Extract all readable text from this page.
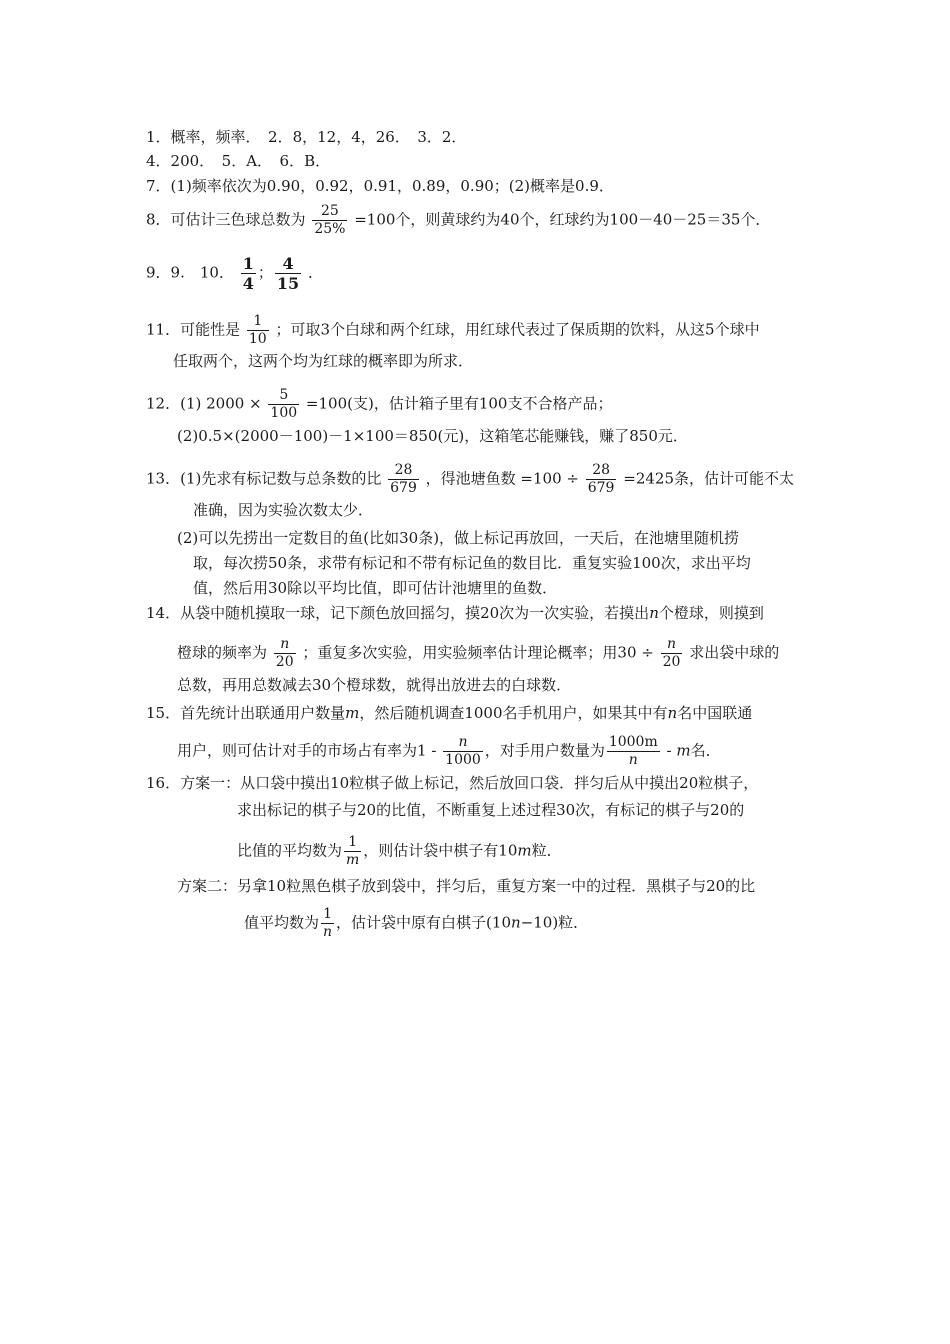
1．概率，频率．　2．8，12，4，26．　3．2．
4．200．　5．A．　6．B．
7．(1)频率依次为0.90，0.92，0.91，0.89，0.90；(2)概率是0.9．
8．可估计三色球总数为 $\frac{25}{25\%} =100$个，则黄球约为40个，红球约为100－40－25＝35个．
9．9.　10． $\frac{1}{4}$ ； $\frac{4}{15}$ ．
11．可能性是 $\frac{1}{10}$ ；可取3个白球和两个红球，用红球代表过了保质期的饮料，从这5个球中
任取两个，这两个均为红球的概率即为所求．
12．(1) $2000 \times \frac{5}{100} =100$(支)，估计箱子里有100支不合格产品；
(2)0.5×(2000－100)－1×100＝850(元)，这箱笔芯能赚钱，赚了850元．
13．(1)先求有标记数与总条数的比 $\frac{28}{679}$ ，得池塘鱼数 $=100 \div \frac{28}{679} =2425$条，估计可能不太
准确，因为实验次数太少．
(2)可以先捞出一定数目的鱼(比如30条)，做上标记再放回，一天后，在池塘里随机捞
取，每次捞50条，求带有标记和不带有标记鱼的数目比．重复实验100次，求出平均
值，然后用30除以平均比值，即可估计池塘里的鱼数．
14．从袋中随机摸取一球，记下颜色放回摇匀，摸20次为一次实验，若摸出n个橙球，则摸到
橙球的频率为 $\frac{n}{20}$ ；重复多次实验，用实验频率估计理论概率；用$30 \div \frac{n}{20}$ 求出袋中球的
总数，再用总数减去30个橙球数，就得出放进去的白球数．
15．首先统计出联通用户数量m，然后随机调查1000名手机用户，如果其中有n名中国联通
用户，则可估计对手的市场占有率为$1 - \frac{n}{1000}$ ，对手用户数量为 $\frac{1000m}{n}$ - m名．
16．方案一：从口袋中摸出10粒棋子做上标记，然后放回口袋．拌匀后从中摸出20粒棋子，
求出标记的棋子与20的比值，不断重复上述过程30次，有标记的棋子与20的
比值的平均数为 $\frac{1}{m}$ ，则估计袋中棋子有10m粒．
方案二：另拿10粒黑色棋子放到袋中，拌匀后，重复方案一中的过程．黑棋子与20的比
值平均数为 $\frac{1}{n}$ ，估计袋中原有白棋子(10n−10)粒．
